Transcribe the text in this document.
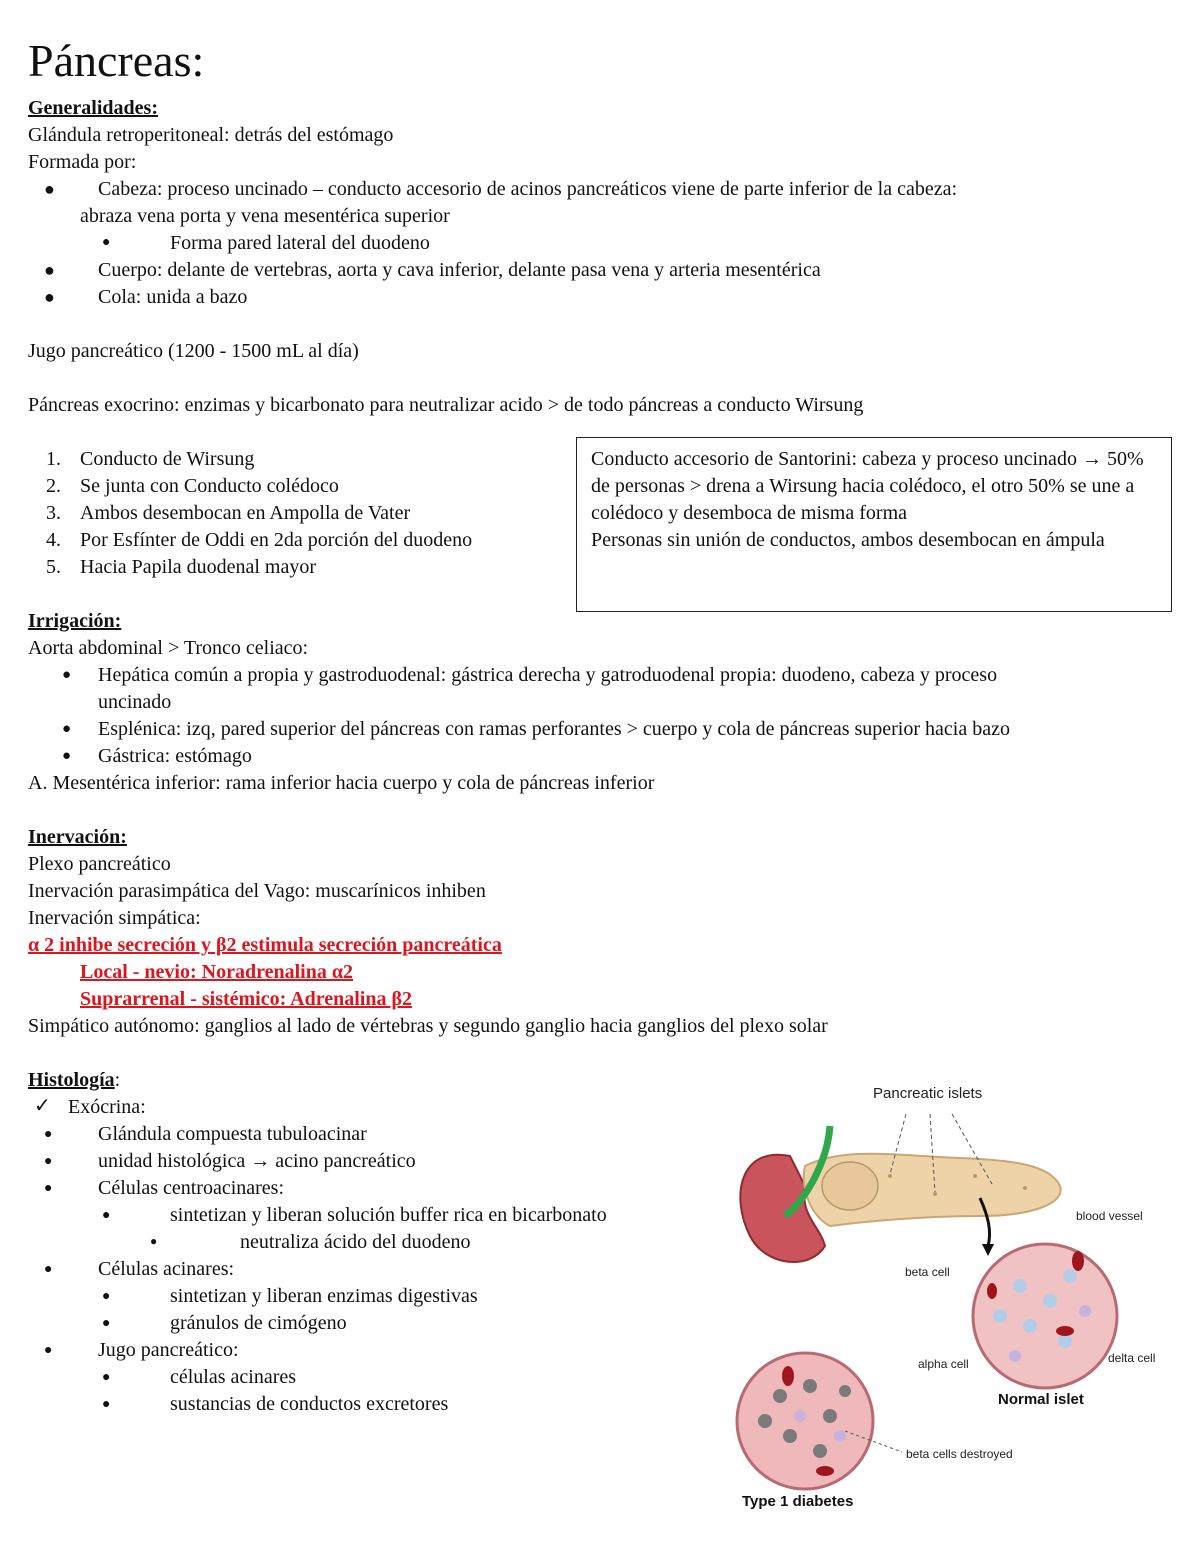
Páncreas:
Generalidades:
Glándula retroperitoneal: detrás del estómago
Formada por:
● Cabeza: proceso uncinado – conducto accesorio de acinos pancreáticos viene de parte inferior de la cabeza:
abraza vena porta y vena mesentérica superior
●	Forma pared lateral del duodeno
● Cuerpo: delante de vertebras, aorta y cava inferior, delante pasa vena y arteria mesentérica
● Cola: unida a bazo
Jugo pancreático (1200 - 1500 mL al día)
Páncreas exocrino: enzimas y bicarbonato para neutralizar acido > de todo páncreas a conducto Wirsung
1. Conducto de Wirsung
2. Se junta con Conducto colédoco
3. Ambos desembocan en Ampolla de Vater
4. Por Esfínter de Oddi en 2da porción del duodeno
5. Hacia Papila duodenal mayor

Conducto accesorio de Santorini: cabeza y proceso uncinado → 50% de personas > drena a Wirsung hacia colédoco, el otro 50% se une a colédoco y desemboca de misma forma

Personas sin unión de conductos, ambos desembocan en ámpula

Irrigación:
Aorta abdominal > Tronco celiaco:
● Hepática común a propia y gastroduodenal: gástrica derecha y gatroduodenal propia: duodeno, cabeza y proceso
uncinado
● Esplénica: izq, pared superior del páncreas con ramas perforantes > cuerpo y cola de páncreas superior hacia bazo
● Gástrica: estómago
A. Mesentérica inferior: rama inferior hacia cuerpo y cola de páncreas inferior
Inervación:
Plexo pancreático
Inervación parasimpática del Vago: muscarínicos inhiben
Inervación simpática:
α 2 inhibe secreción y β2 estimula secreción pancreática
Local - nevio: Noradrenalina α2
Suprarrenal - sistémico: Adrenalina β2
Simpático autónomo: ganglios al lado de vértebras y segundo ganglio hacia ganglios del plexo solar
Histología:
✓ Exócrina:
● Glándula compuesta tubuloacinar
● unidad histológica → acino pancreático
● Células centroacinares:
●	sintetizan y liberan solución buffer rica en bicarbonato
●	neutraliza ácido del duodeno
● Células acinares:
●	sintetizan y liberan enzimas digestivas
●	gránulos de cimógeno
● Jugo pancreático:
●	células acinares
●	sustancias de conductos excretores
Pancreatic islets
blood vessel
beta cell
alpha cell	delta cell
Normal islet
beta cells destroyed
Type 1 diabetes
